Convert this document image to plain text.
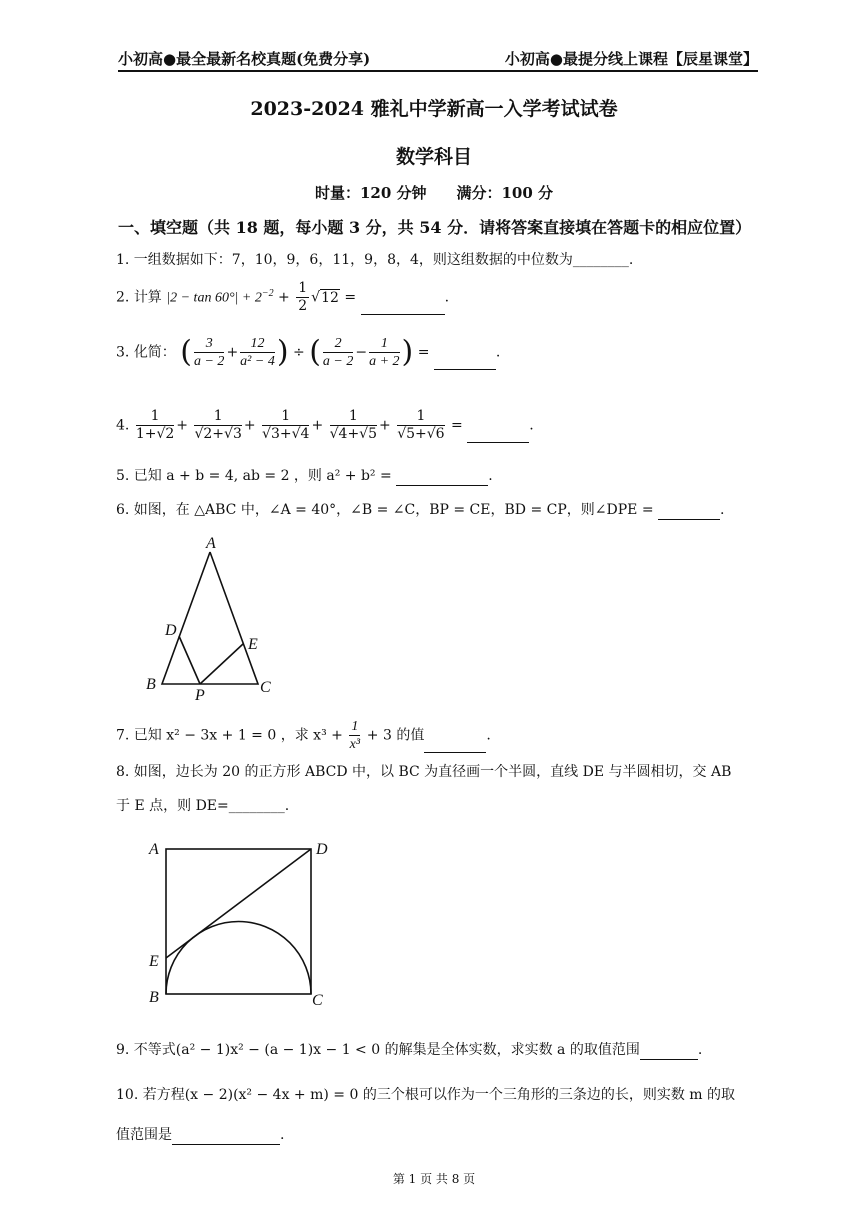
小初高●最全最新名校真题(免费分享)	小初高●最提分线上课程【辰星课堂】
2023-2024 雅礼中学新高一入学考试试卷
数学科目
时量：120 分钟　　满分：100 分
一、填空题（共 18 题，每小题 3 分，共 54 分．请将答案直接填在答题卡的相应位置）
1. 一组数据如下：7，10，9，6，11，9，8，4，则这组数据的中位数为________.
2. 计算 $|2 - \tan 60^\circ| + 2^{-2} + \frac{1}{2} √12$ =	.
3. 化简： ( $\frac{3}{a - 2} + \frac{12}{\text{a² − 4}}$ ) ÷ ( $\frac{2}{a - 2} - \frac{1}{a + 2}$ ) =	.
4. $\frac{1}{1+√2} + \frac{1}{√2+√3} + \frac{1}{√3+√4} + \frac{1}{√4+√5} + \frac{1}{√5+√6}$ =	.
5. 已知 a + b = 4, ab = 2 ，则 a² + b² =	.
6. 如图，在 △ABC 中，∠A = 40°，∠B = ∠C，BP = CE，BD = CP，则∠DPE =	.
A
D
E
B
P	C
7. 已知 x² − 3x + 1 = 0 ，求 $x^3 + \frac{1}{\text{x³}} + 3$ 的值	.
8. 如图，边长为 20 的正方形 ABCD 中，以 BC 为直径画一个半圆，直线 DE 与半圆相切，交 AB
于 E 点，则 DE=________.
A	D
E
B	C
9. 不等式(a² − 1)x² − (a − 1)x − 1 < 0 的解集是全体实数，求实数 a 的取值范围	.
10. 若方程(x − 2)(x² − 4x + m) = 0 的三个根可以作为一个三角形的三条边的长，则实数 m 的取
值范围是	.
第 1 页 共 8 页
